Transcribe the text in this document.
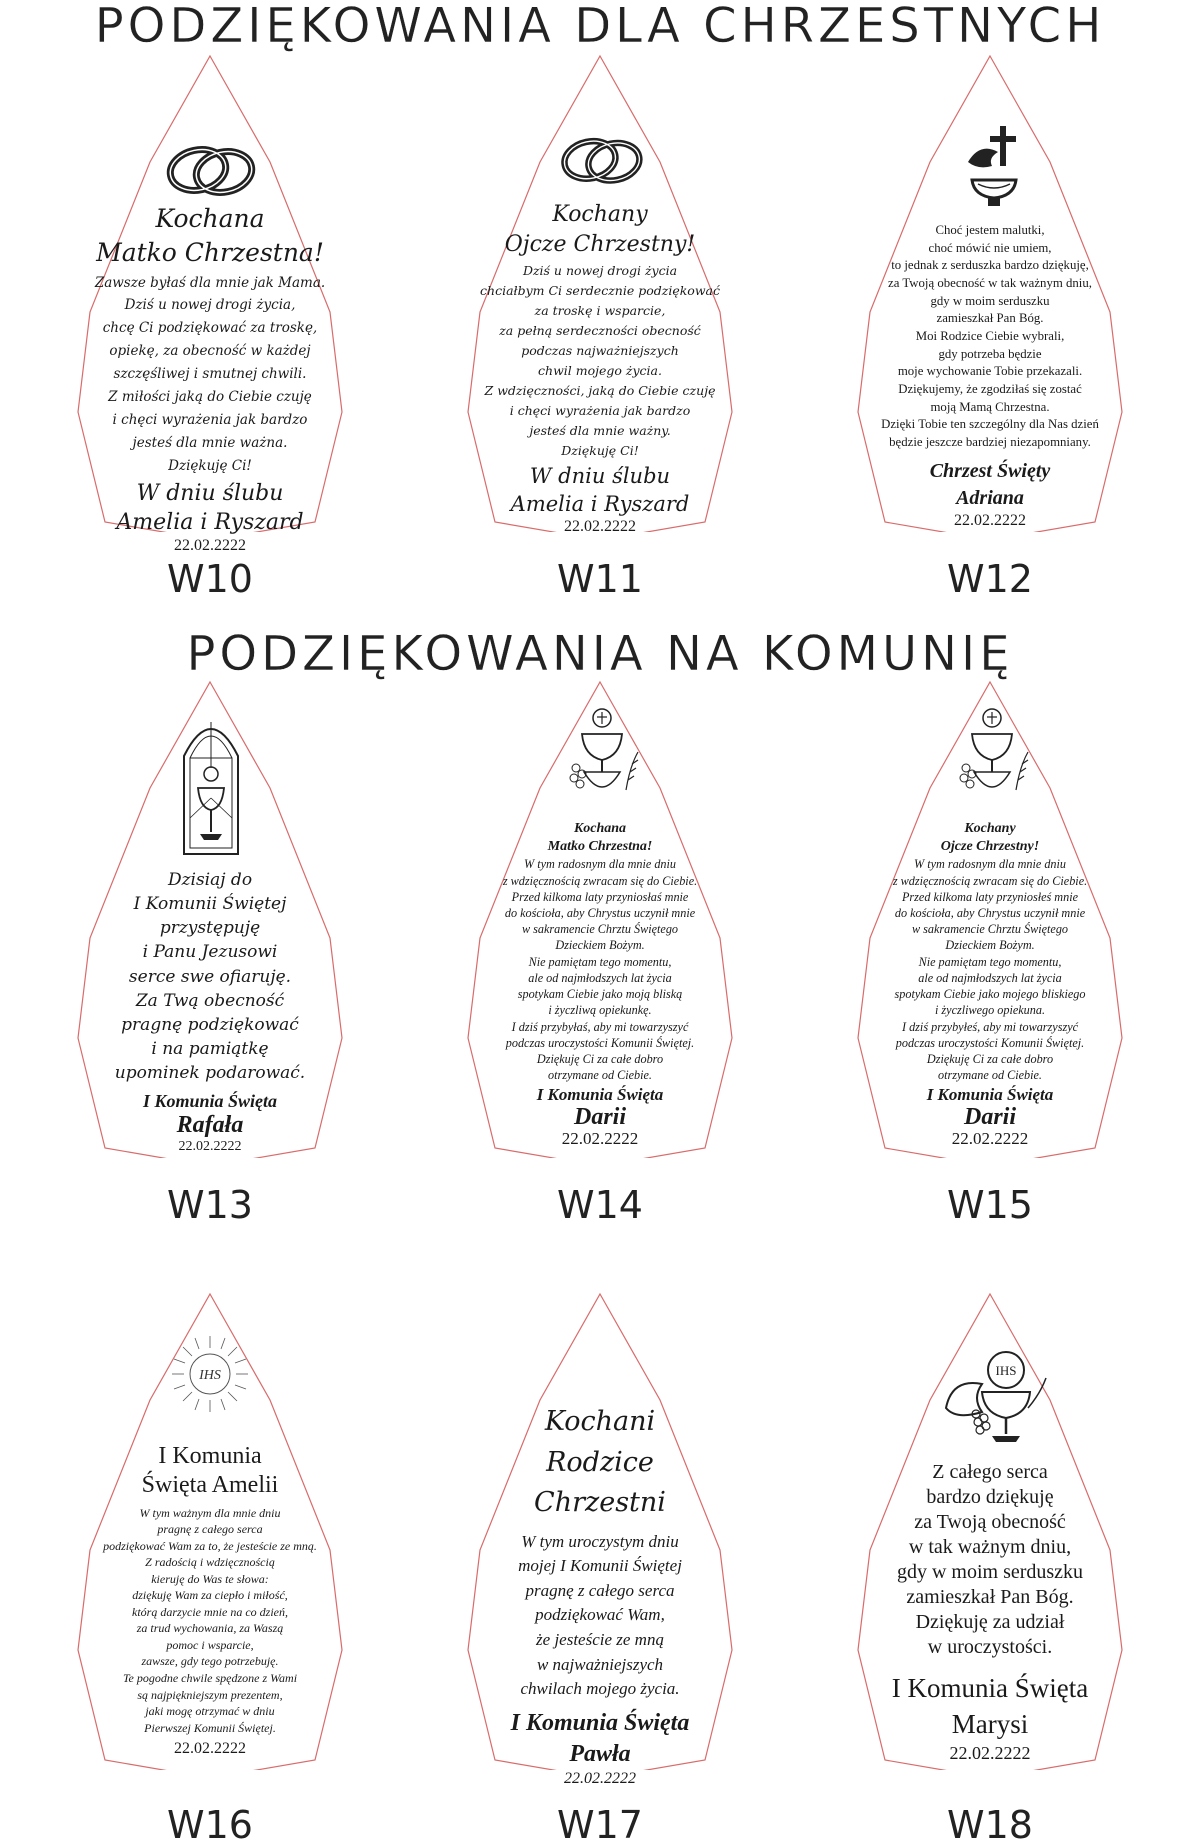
PODZIĘKOWANIA DLA CHRZESTNYCH
PODZIĘKOWANIA NA KOMUNIĘ
Kochana
Matko Chrzestna!
Zawsze byłaś dla mnie jak Mama.
Dziś u nowej drogi życia,
chcę Ci podziękować za troskę,
opiekę, za obecność w każdej
szczęśliwej i smutnej chwili.
Z miłości jaką do Ciebie czuję
i chęci wyrażenia jak bardzo
jesteś dla mnie ważna.
Dziękuję Ci!
W dniu ślubu
Amelia i Ryszard
22.02.2222
W10
Kochany
Ojcze Chrzestny!
Dziś u nowej drogi życia
chciałbym Ci serdecznie podziękować
za troskę i wsparcie,
za pełną serdeczności obecność
podczas najważniejszych
chwil mojego życia.
Z wdzięczności, jaką do Ciebie czuję
i chęci wyrażenia jak bardzo
jesteś dla mnie ważny.
Dziękuję Ci!
W dniu ślubu
Amelia i Ryszard
22.02.2222
W11
Choć jestem malutki,
choć mówić nie umiem,
to jednak z serduszka bardzo dziękuję,
za Twoją obecność w tak ważnym dniu,
gdy w moim serduszku
zamieszkał Pan Bóg.
Moi Rodzice Ciebie wybrali,
gdy potrzeba będzie
moje wychowanie Tobie przekazali.
Dziękujemy, że zgodziłaś się zostać
moją Mamą Chrzestna.
Dzięki Tobie ten szczególny dla Nas dzień
będzie jeszcze bardziej niezapomniany.
Chrzest Święty
Adriana
22.02.2222
W12
Dzisiaj do
I Komunii Świętej
przystępuję
i Panu Jezusowi
serce swe ofiaruję.
Za Twą obecność
pragnę podziękować
i na pamiątkę
upominek podarować.
I Komunia Święta
Rafała
22.02.2222
W13
Kochana
Matko Chrzestna!
W tym radosnym dla mnie dniu
z wdzięcznością zwracam się do Ciebie.
Przed kilkoma laty przyniosłaś mnie
do kościoła, aby Chrystus uczynił mnie
w sakramencie Chrztu Świętego
Dzieckiem Bożym.
Nie pamiętam tego momentu,
ale od najmłodszych lat życia
spotykam Ciebie jako moją bliską
i życzliwą opiekunkę.
I dziś przybyłaś, aby mi towarzyszyć
podczas uroczystości Komunii Świętej.
Dziękuję Ci za całe dobro
otrzymane od Ciebie.
I Komunia Święta
Darii
22.02.2222
W14
Kochany
Ojcze Chrzestny!
W tym radosnym dla mnie dniu
z wdzięcznością zwracam się do Ciebie.
Przed kilkoma laty przyniosłeś mnie
do kościoła, aby Chrystus uczynił mnie
w sakramencie Chrztu Świętego
Dzieckiem Bożym.
Nie pamiętam tego momentu,
ale od najmłodszych lat życia
spotykam Ciebie jako mojego bliskiego
i życzliwego opiekuna.
I dziś przybyłeś, aby mi towarzyszyć
podczas uroczystości Komunii Świętej.
Dziękuję Ci za całe dobro
otrzymane od Ciebie.
I Komunia Święta
Darii
22.02.2222
W15
IHS
I Komunia
Święta Amelii
W tym ważnym dla mnie dniu
pragnę z całego serca
podziękować Wam za to, że jesteście ze mną.
Z radością i wdzięcznością
kieruję do Was te słowa:
dziękuję Wam za ciepło i miłość,
którą darzycie mnie na co dzień,
za trud wychowania, za Waszą
pomoc i wsparcie,
zawsze, gdy tego potrzebuję.
Te pogodne chwile spędzone z Wami
są najpiękniejszym prezentem,
jaki mogę otrzymać w dniu
Pierwszej Komunii Świętej.
22.02.2222
W16
Kochani
Rodzice
Chrzestni
W tym uroczystym dniu
mojej I Komunii Świętej
pragnę z całego serca
podziękować Wam,
że jesteście ze mną
w najważniejszych
chwilach mojego życia.
I Komunia Święta
Pawła
22.02.2222
W17
IHS
Z całego serca
bardzo dziękuję
za Twoją obecność
w tak ważnym dniu,
gdy w moim serduszku
zamieszkał Pan Bóg.
Dziękuję za udział
w uroczystości.
I Komunia Święta
Marysi
22.02.2222
W18
